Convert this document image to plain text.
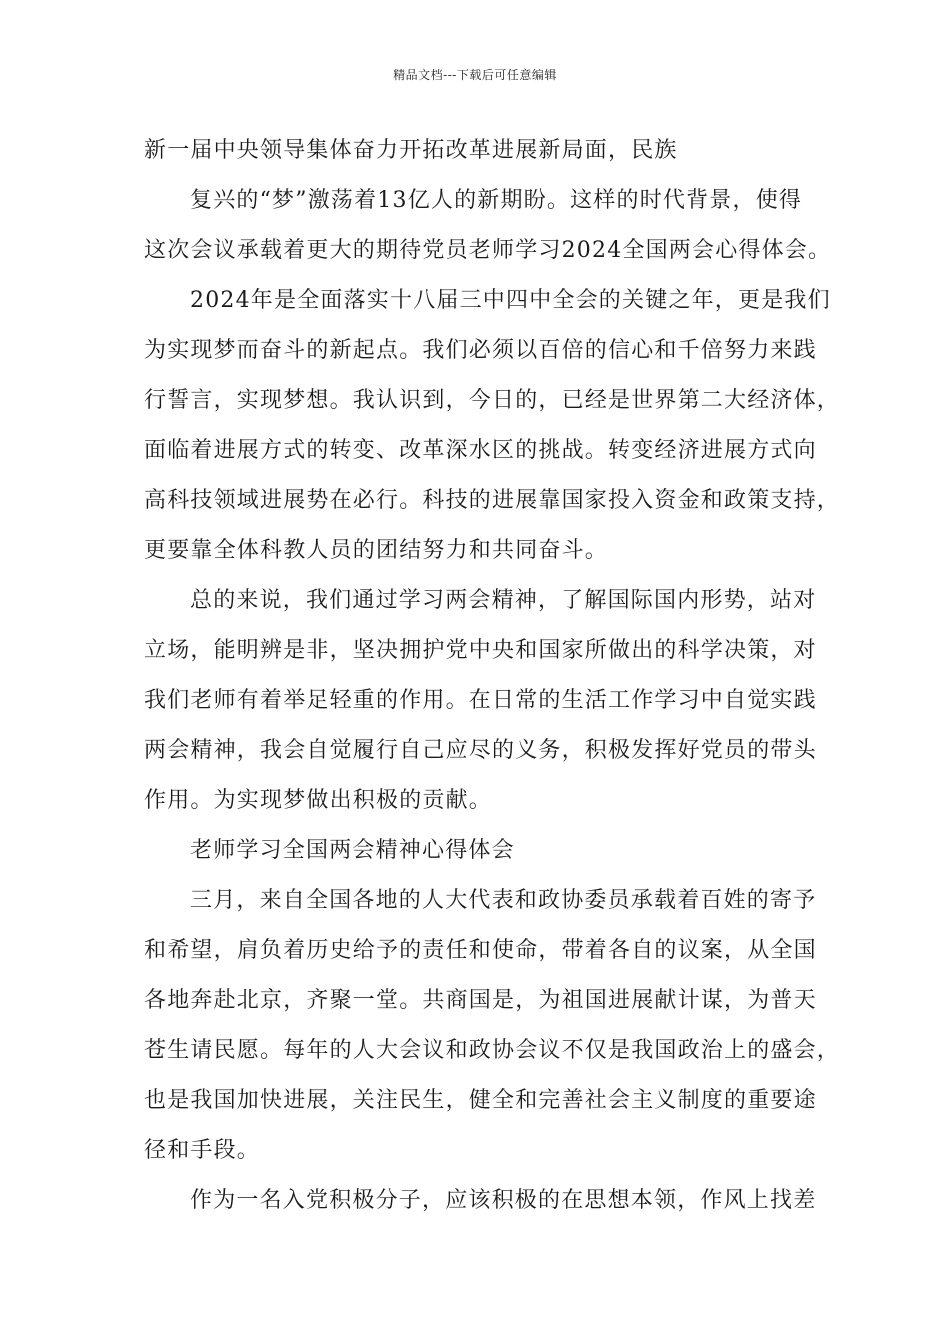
精品文档---下载后可任意编辑
新一届中央领导集体奋力开拓改革进展新局面，民族
复兴的“梦”激荡着13亿人的新期盼。这样的时代背景，使得
这次会议承载着更大的期待党员老师学习2024全国两会心得体会。
2024年是全面落实十八届三中四中全会的关键之年，更是我们
为实现梦而奋斗的新起点。我们必须以百倍的信心和千倍努力来践
行誓言，实现梦想。我认识到，今日的，已经是世界第二大经济体，
面临着进展方式的转变、改革深水区的挑战。转变经济进展方式向
高科技领域进展势在必行。科技的进展靠国家投入资金和政策支持，
更要靠全体科教人员的团结努力和共同奋斗。
总的来说，我们通过学习两会精神，了解国际国内形势，站对
立场，能明辨是非，坚决拥护党中央和国家所做出的科学决策，对
我们老师有着举足轻重的作用。在日常的生活工作学习中自觉实践
两会精神，我会自觉履行自己应尽的义务，积极发挥好党员的带头
作用。为实现梦做出积极的贡献。
老师学习全国两会精神心得体会
三月，来自全国各地的人大代表和政协委员承载着百姓的寄予
和希望，肩负着历史给予的责任和使命，带着各自的议案，从全国
各地奔赴北京，齐聚一堂。共商国是，为祖国进展献计谋，为普天
苍生请民愿。每年的人大会议和政协会议不仅是我国政治上的盛会，
也是我国加快进展，关注民生，健全和完善社会主义制度的重要途
径和手段。
作为一名入党积极分子，应该积极的在思想本领，作风上找差
